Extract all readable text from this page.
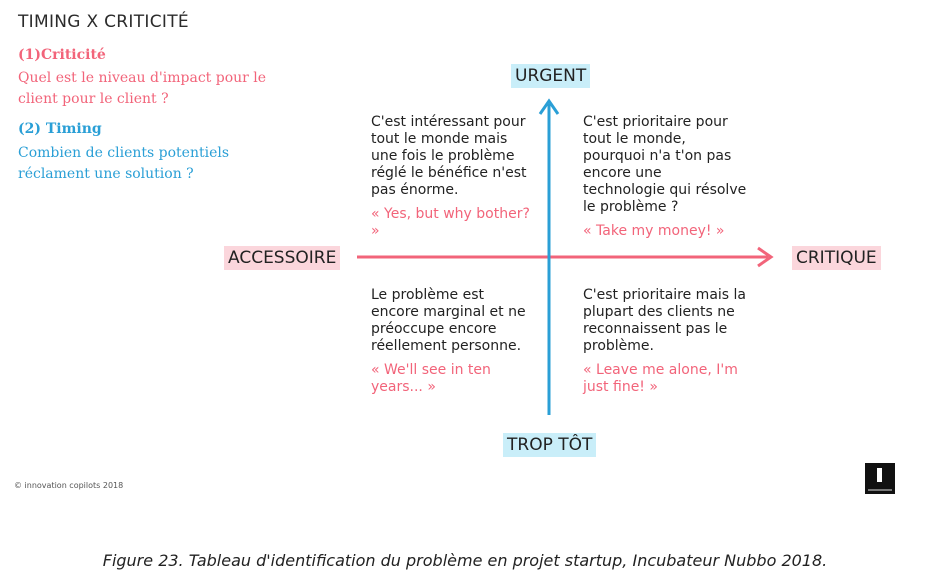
TIMING X CRITICITÉ
(1)Criticité
Quel est le niveau d'impact pour le client pour le client ?
(2) Timing
Combien de clients potentiels réclament une solution ?
URGENT
TROP TÔT
ACCESSOIRE	CRITIQUE
C'est intéressant pour tout le monde mais une fois le problème réglé le bénéfice n'est pas énorme.
« Yes, but why bother? »
C'est prioritaire pour tout le monde, pourquoi n'a t'on pas encore une technologie qui résolve le problème ?
« Take my money! »
Le problème est encore marginal et ne préoccupe encore réellement personne.
« We'll see in ten years... »
C'est prioritaire mais la plupart des clients ne reconnaissent pas le problème.
« Leave me alone, I'm just fine! »
© innovation copilots 2018
Figure 23. Tableau d'identification du problème en projet startup, Incubateur Nubbo 2018.
